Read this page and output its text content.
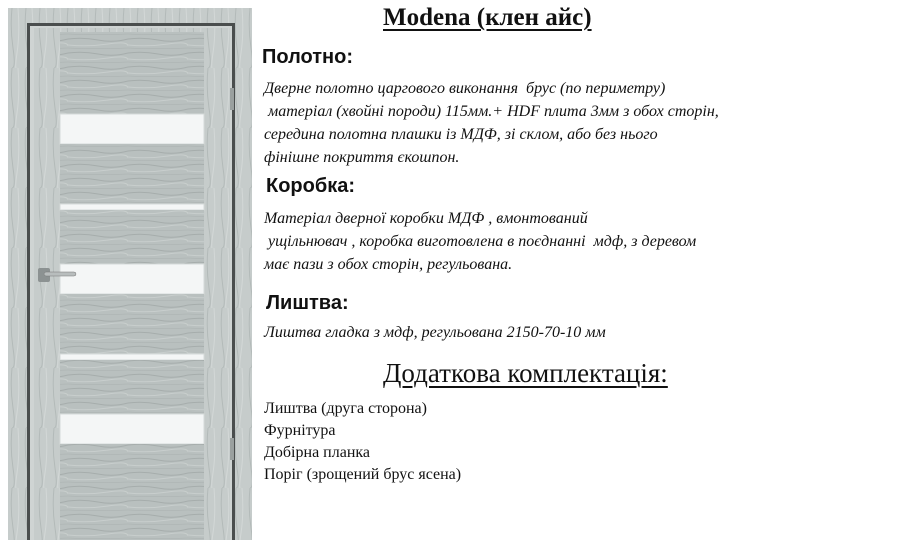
Modena (клен айс)
Полотно:
Дверне полотно царгового виконання  брус (по периметру)
матеріал (хвойні породи) 115мм.+ HDF плита 3мм з обох сторін,
середина полотна плашки із МДФ, зі склом, або без нього
фінішне покриття єкошпон.
Коробка:
Матеріал дверної коробки МДФ , вмонтований
ущільнювач , коробка виготовлена в поєднанні  мдф, з деревом
має пази з обох сторін, регульована.
Лиштва:
Лиштва гладка з мдф, регульована 2150-70-10 мм
Додаткова комплектація:
Лиштва (друга сторона)
Фурнітура
Добірна планка
Поріг (зрощений брус ясена)
